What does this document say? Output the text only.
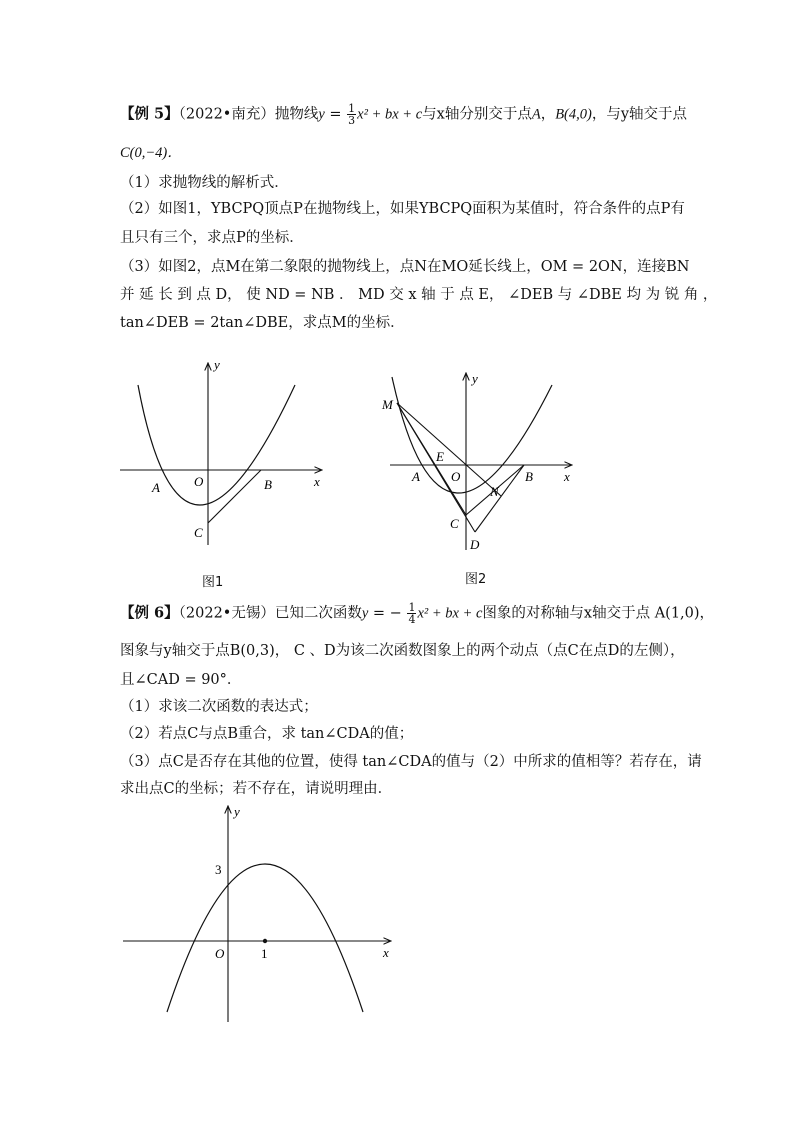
【例 5】（2022•南充）抛物线$y = \frac{1}{3} x^2$ + bx + c与x轴分别交于点A，B(4,0)，与y轴交于点
C(0,−4)．
（1）求抛物线的解析式．
（2）如图1，YBCPQ顶点P在抛物线上，如果YBCPQ面积为某值时，符合条件的点P有
且只有三个，求点P的坐标．
（3）如图2，点M在第二象限的抛物线上，点N在MO延长线上，OM = 2ON，连接BN
并 延 长 到 点 D， 使 ND = NB ． MD 交 x 轴 于 点 E， ∠DEB 与 ∠DBE 均 为 锐 角 ，
tan∠DEB = 2tan∠DBE，求点M的坐标．
y
x
A	O	B
C
图1
M
y
x
E
A O
N
B
C
D
图2
【例 6】（2022•无锡）已知二次函数y = − $\frac{1}{4} x^2$ + bx + c图象的对称轴与x轴交于点 A(1,0)，
图象与y轴交于点B(0,3)， C 、D为该二次函数图象上的两个动点（点C在点D的左侧），
且∠CAD = 90°．
（1）求该二次函数的表达式；
（2）若点C与点B重合，求 tan∠CDA的值；
（3）点C是否存在其他的位置，使得 tan∠CDA的值与（2）中所求的值相等？若存在，请
求出点C的坐标；若不存在，请说明理由．
y
x
3
O	1
